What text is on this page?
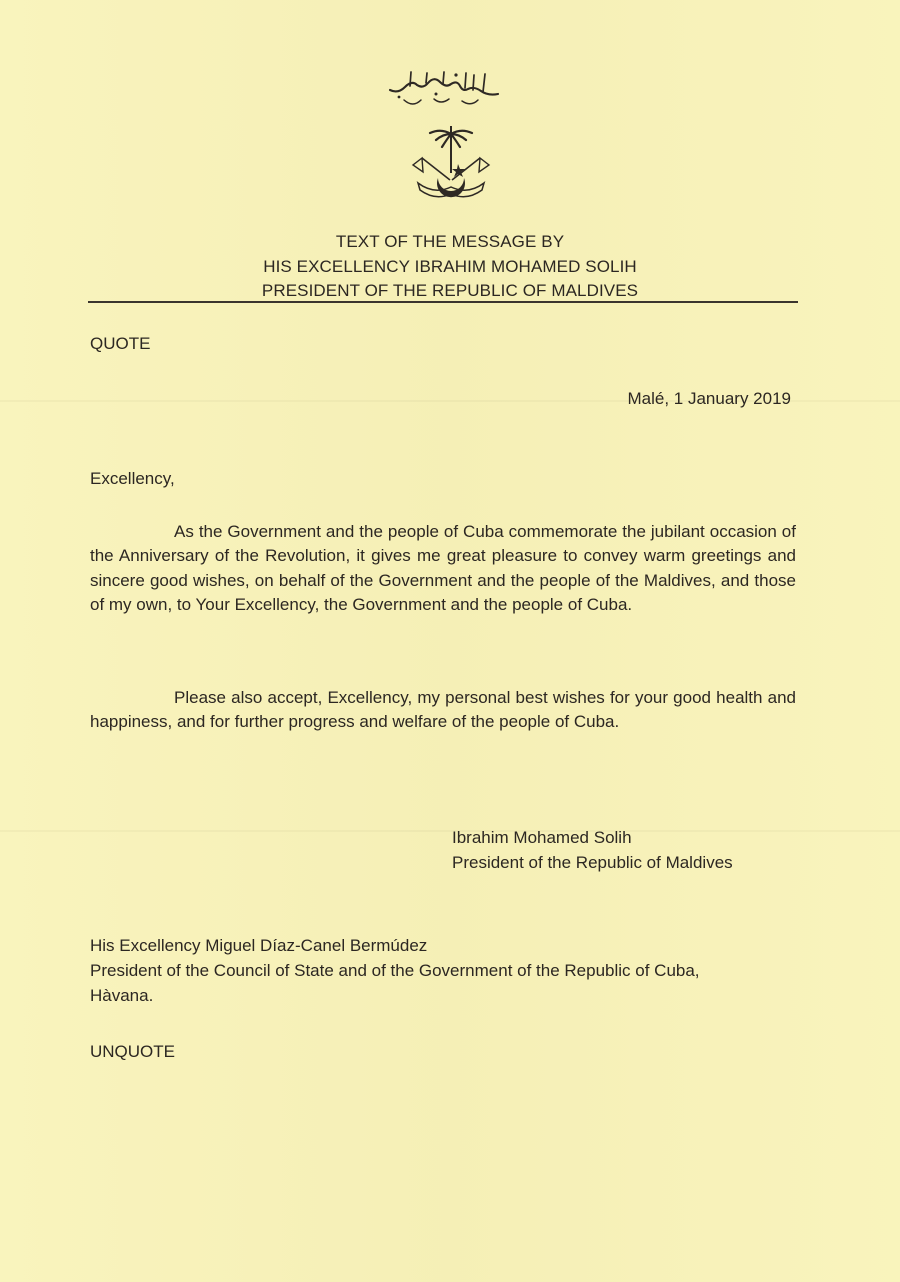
TEXT OF THE MESSAGE BY
HIS EXCELLENCY IBRAHIM MOHAMED SOLIH
PRESIDENT OF THE REPUBLIC OF MALDIVES
QUOTE
Malé, 1 January 2019
Excellency,
As the Government and the people of Cuba commemorate the jubilant occasion of the Anniversary of the Revolution, it gives me great pleasure to convey warm greetings and sincere good wishes, on behalf of the Government and the people of the Maldives, and those of my own, to Your Excellency, the Government and the people of Cuba.
Please also accept, Excellency, my personal best wishes for your good health and happiness, and for further progress and welfare of the people of Cuba.
Ibrahim Mohamed Solih
President of the Republic of Maldives
His Excellency Miguel Díaz-Canel Bermúdez
President of the Council of State and of the Government of the Republic of Cuba,
Hàvana.
UNQUOTE
